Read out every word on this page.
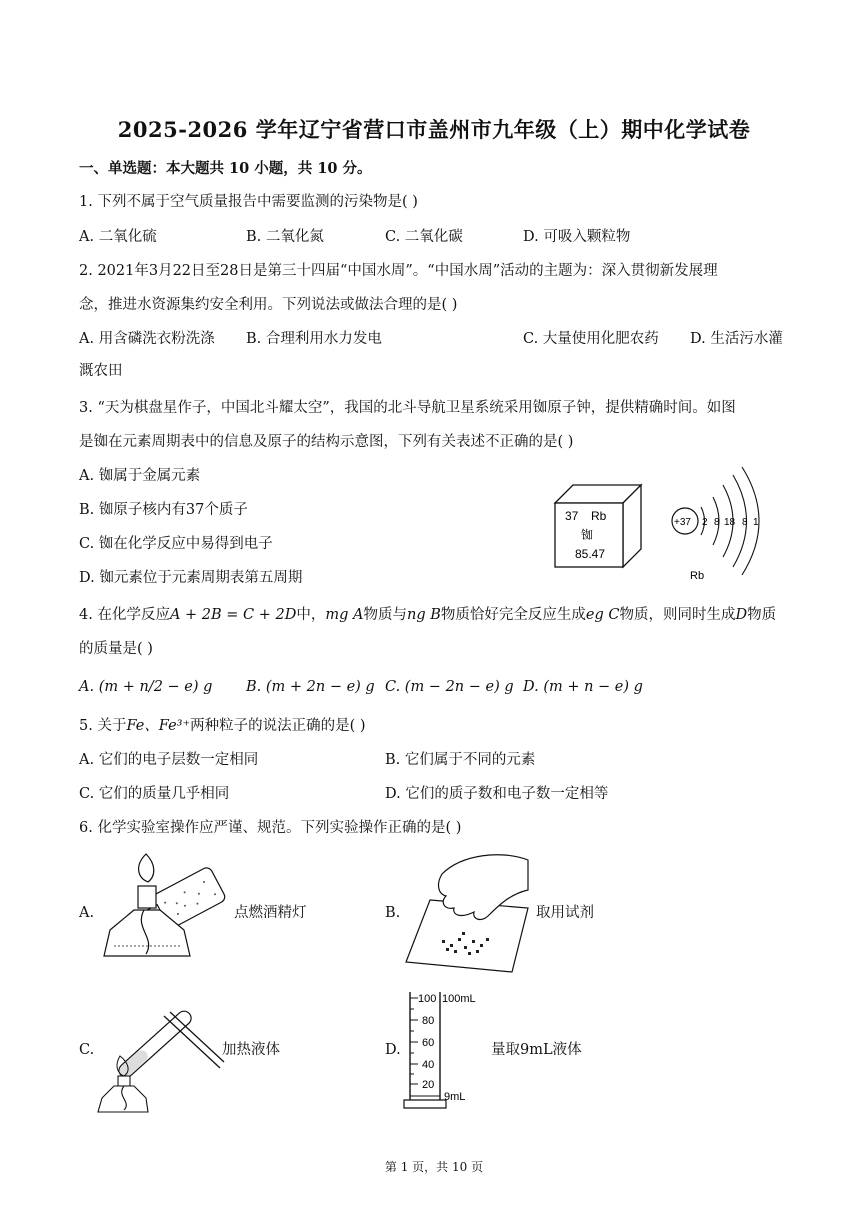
2025-2026 学年辽宁省营口市盖州市九年级（上）期中化学试卷
一、单选题：本大题共 10 小题，共 10 分。
1. 下列不属于空气质量报告中需要监测的污染物是( )
A. 二氧化硫	B. 二氧化氮	C. 二氧化碳	D. 可吸入颗粒物
2. 2021年3月22日至28日是第三十四届“中国水周”。“中国水周”活动的主题为：深入贯彻新发展理
念，推进水资源集约安全利用。下列说法或做法合理的是( )
A. 用含磷洗衣粉洗涤 B. 合理利用水力发电	C. 大量使用化肥农药 D. 生活污水灌
溉农田
3. “天为棋盘星作子，中国北斗耀太空”，我国的北斗导航卫星系统采用铷原子钟，提供精确时间。如图
是铷在元素周期表中的信息及原子的结构示意图，下列有关表述不正确的是( )
A. 铷属于金属元素
B. 铷原子核内有37个质子
C. 铷在化学反应中易得到电子
D. 铷元素位于元素周期表第五周期
37 Rb
铷
85.47
+37 2 8 18 8 1
Rb
4. 在化学反应A + 2B = C + 2D中，mg A物质与ng B物质恰好完全反应生成eg C物质，则同时生成D物质
的质量是( )
A. (m + n/2 − e) g B. (m + 2n − e) g C. (m − 2n − e) g D. (m + n − e) g
5. 关于Fe、Fe³⁺两种粒子的说法正确的是( )
A. 它们的电子层数一定相同	B. 它们属于不同的元素
C. 它们的质量几乎相同	D. 它们的质子数和电子数一定相等
6. 化学实验室操作应严谨、规范。下列实验操作正确的是( )
A.	点燃酒精灯	B.	取用试剂
C.	加热液体	D.
100
80
60
40
20
100mL
9mL
量取9mL液体
第 1 页，共 10 页
